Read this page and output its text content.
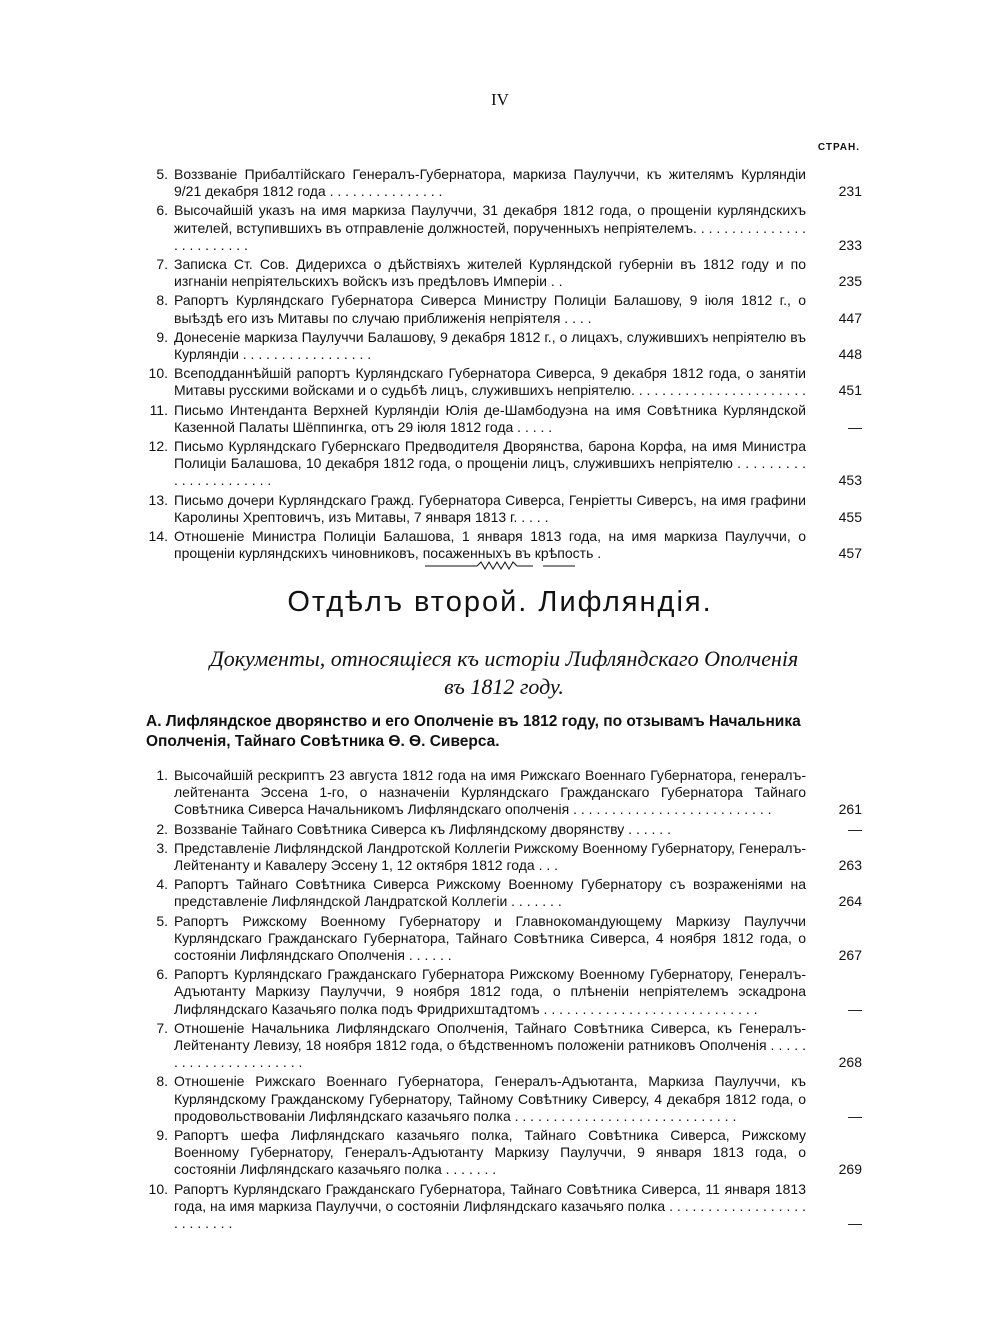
IV
СТРАН.
5. Воззваніе Прибалтійскаго Генералъ-Губернатора, маркиза Паулуччи, къ жителямъ Курляндіи 9/21 декабря 1812 года . . . . . . . . . . . . . . .	231
6. Высочайшій указъ на имя маркиза Паулуччи, 31 декабря 1812 года, о прощеніи курляндскихъ жителей, вступившихъ въ отправленіе должностей, порученныхъ непріятелемъ. . . . . . . . . . . . . . . . . . . . . . . . .	233
7. Записка Ст. Сов. Дидерихса о дѣйствіяхъ жителей Курляндской губерніи въ 1812 году и по изгнаніи непріятельскихъ войскъ изъ предѣловъ Имперіи . .	235
8. Рапортъ Курляндскаго Губернатора Сиверса Министру Полиціи Балашову, 9 іюля 1812 г., о выѣздѣ его изъ Митавы по случаю приближенія непріятеля . . . .	447
9. Донесеніе маркиза Паулуччи Балашову, 9 декабря 1812 г., о лицахъ, служившихъ непріятелю въ Курляндіи . . . . . . . . . . . . . . . . .	448
10. Всеподданнѣйшій рапортъ Курляндскаго Губернатора Сиверса, 9 декабря 1812 года, о занятіи Митавы русскими войсками и о судьбѣ лицъ, служившихъ непріятелю. . . . . . . . . . . . . . . . . . . . . . .	451
11. Письмо Интенданта Верхней Курляндіи Юлія де-Шамбодуэна на имя Совѣтника Курляндской Казенной Палаты Шёппингка, отъ 29 іюля 1812 года . . . . .	—
12. Письмо Курляндскаго Губернскаго Предводителя Дворянства, барона Корфа, на имя Министра Полиціи Балашова, 10 декабря 1812 года, о прощеніи лицъ, служившихъ непріятелю . . . . . . . . . . . . . . . . . . . . . .	453
13. Письмо дочери Курляндскаго Гражд. Губернатора Сиверса, Генріетты Сиверсъ, на имя графини Каролины Хрептовичъ, изъ Митавы, 7 января 1813 г. . . . .	455
14. Отношеніе Министра Полиціи Балашова, 1 января 1813 года, на имя маркиза Паулуччи, о прощеніи курляндскихъ чиновниковъ, посаженныхъ въ крѣпость .	457
Отдѣлъ второй. Лифляндія.
Документы, относящіеся къ исторіи Лифляндскаго Ополченія
въ 1812 году.
А. Лифляндское дворянство и его Ополченіе въ 1812 году, по отзывамъ Начальника Ополченія, Тайнаго Совѣтника Ѳ. Ѳ. Сиверса.
1. Высочайшій рескриптъ 23 августа 1812 года на имя Рижскаго Военнаго Губернатора, генералъ-лейтенанта Эссена 1-го, о назначеніи Курляндскаго Гражданскаго Губернатора Тайнаго Совѣтника Сиверса Начальникомъ Лифляндскаго ополченія . . . . . . . . . . . . . . . . . . . . . . . . . .	261
2. Воззваніе Тайнаго Совѣтника Сиверса къ Лифляндскому дворянству . . . . . .	—
3. Представленіе Лифляндской Ландротской Коллегіи Рижскому Военному Губернатору, Генералъ-Лейтенанту и Кавалеру Эссену 1, 12 октября 1812 года . . .	263
4. Рапортъ Тайнаго Совѣтника Сиверса Рижскому Военному Губернатору съ возраженіями на представленіе Лифляндской Ландратской Коллегіи . . . . . . .	264
5. Рапортъ Рижскому Военному Губернатору и Главнокомандующему Маркизу Паулуччи Курляндскаго Гражданскаго Губернатора, Тайнаго Совѣтника Сиверса, 4 ноября 1812 года, о состояніи Лифляндскаго Ополченія . . . . . .	267
6. Рапортъ Курляндскаго Гражданскаго Губернатора Рижскому Военному Губернатору, Генералъ-Адъютанту Маркизу Паулуччи, 9 ноября 1812 года, о плѣненіи непріятелемъ эскадрона Лифляндскаго Казачьяго полка подъ Фридрихштадтомъ . . . . . . . . . . . . . . . . . . . . . . . . . . . .	—
7. Отношеніе Начальника Лифляндскаго Ополченія, Тайнаго Совѣтника Сиверса, къ Генералъ-Лейтенанту Левизу, 18 ноября 1812 года, о бѣдственномъ положеніи ратниковъ Ополченія . . . . . . . . . . . . . . . . . . . . . .	268
8. Отношеніе Рижскаго Военнаго Губернатора, Генералъ-Адъютанта, Маркиза Паулуччи, къ Курляндскому Гражданскому Губернатору, Тайному Совѣтнику Сиверсу, 4 декабря 1812 года, о продовольствованіи Лифляндскаго казачьяго полка . . . . . . . . . . . . . . . . . . . . . . . . . . . . .	—
9. Рапортъ шефа Лифляндскаго казачьяго полка, Тайнаго Совѣтника Сиверса, Рижскому Военному Губернатору, Генералъ-Адъютанту Маркизу Паулуччи, 9 января 1813 года, о состояніи Лифляндскаго казачьяго полка . . . . . . .	269
10. Рапортъ Курляндскаго Гражданскаго Губернатора, Тайнаго Совѣтника Сиверса, 11 января 1813 года, на имя маркиза Паулуччи, о состояніи Лифляндскаго казачьяго полка . . . . . . . . . . . . . . . . . . . . . . . . . .	—
